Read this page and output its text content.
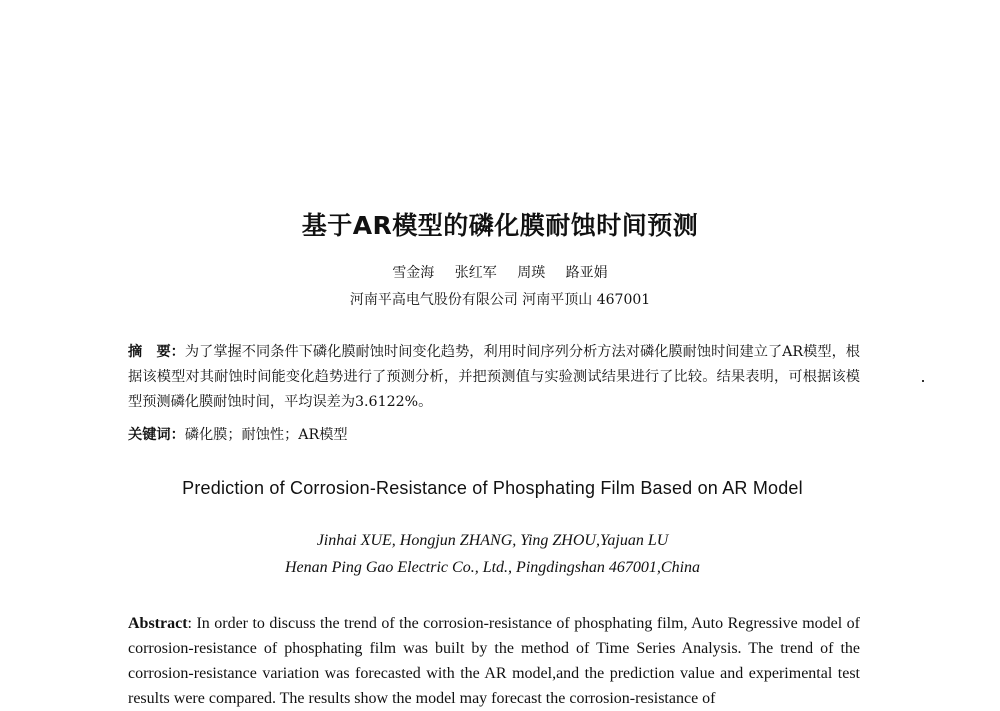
基于AR模型的磷化膜耐蚀时间预测
雪金海 张红军 周瑛 路亚娟
河南平高电气股份有限公司 河南平顶山 467001
摘　要：为了掌握不同条件下磷化膜耐蚀时间变化趋势，利用时间序列分析方法对磷化膜耐蚀时间建立了AR模型，根据该模型对其耐蚀时间能变化趋势进行了预测分析，并把预测值与实验测试结果进行了比较。结果表明，可根据该模型预测磷化膜耐蚀时间，平均误差为3.6122%。
关键词：磷化膜；耐蚀性；AR模型
Prediction of Corrosion-Resistance of Phosphating Film Based on AR Model
Jinhai XUE, Hongjun ZHANG, Ying ZHOU,Yajuan LU
Henan Ping Gao Electric Co., Ltd., Pingdingshan 467001,China
Abstract: In order to discuss the trend of the corrosion-resistance of phosphating film, Auto Regressive model of corrosion-resistance of phosphating film was built by the method of Time Series Analysis. The trend of the corrosion-resistance variation was forecasted with the AR model,and the prediction value and experimental test results were compared. The results show the model may forecast the corrosion-resistance of
